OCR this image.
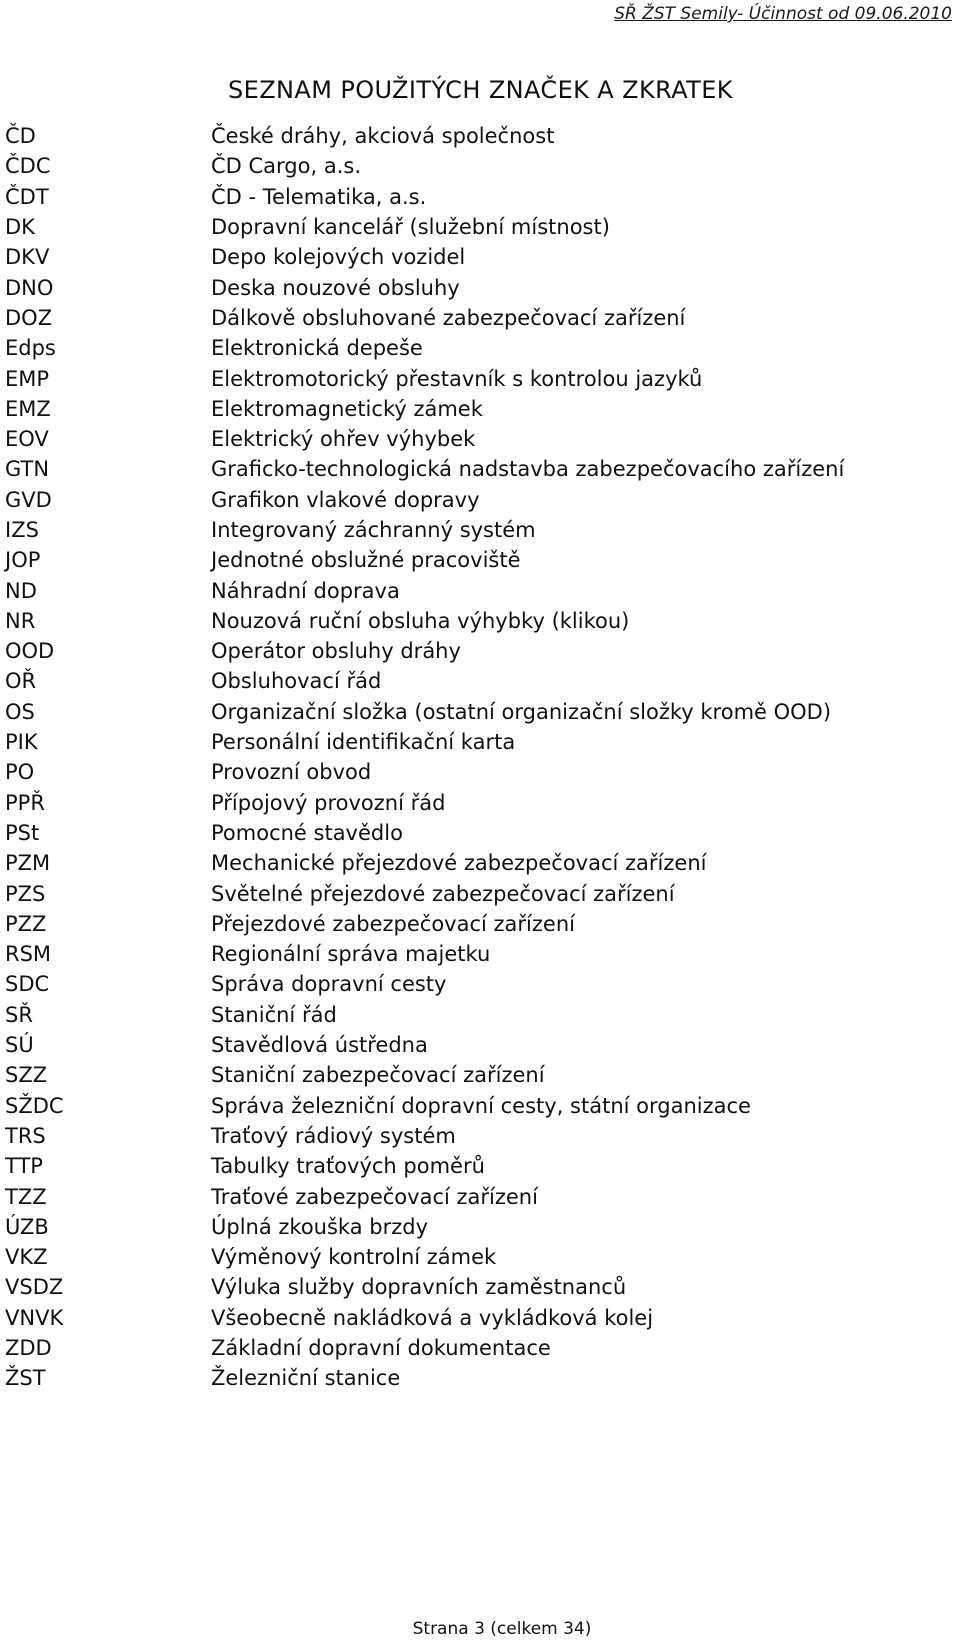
SŘ ŽST Semily- Účinnost od 09.06.2010
SEZNAM POUŽITÝCH ZNAČEK A ZKRATEK
ČD	České dráhy, akciová společnost
ČDC	ČD Cargo, a.s.
ČDT	ČD - Telematika, a.s.
DK	Dopravní kancelář (služební místnost)
DKV	Depo kolejových vozidel
DNO	Deska nouzové obsluhy
DOZ	Dálkově obsluhované zabezpečovací zařízení
Edps	Elektronická depeše
EMP	Elektromotorický přestavník s kontrolou jazyků
EMZ	Elektromagnetický zámek
EOV	Elektrický ohřev výhybek
GTN	Graficko-technologická nadstavba zabezpečovacího zařízení
GVD	Grafikon vlakové dopravy
IZS	Integrovaný záchranný systém
JOP	Jednotné obslužné pracoviště
ND	Náhradní doprava
NR	Nouzová ruční obsluha výhybky (klikou)
OOD	Operátor obsluhy dráhy
OŘ	Obsluhovací řád
OS	Organizační složka (ostatní organizační složky kromě OOD)
PIK	Personální identifikační karta
PO	Provozní obvod
PPŘ	Přípojový provozní řád
PSt	Pomocné stavědlo
PZM	Mechanické přejezdové zabezpečovací zařízení
PZS	Světelné přejezdové zabezpečovací zařízení
PZZ	Přejezdové zabezpečovací zařízení
RSM	Regionální správa majetku
SDC	Správa dopravní cesty
SŘ	Staniční řád
SÚ	Stavědlová ústředna
SZZ	Staniční zabezpečovací zařízení
SŽDC	Správa železniční dopravní cesty, státní organizace
TRS	Traťový rádiový systém
TTP	Tabulky traťových poměrů
TZZ	Traťové zabezpečovací zařízení
ÚZB	Úplná zkouška brzdy
VKZ	Výměnový kontrolní zámek
VSDZ	Výluka služby dopravních zaměstnanců
VNVK	Všeobecně nakládková a vykládková kolej
ZDD	Základní dopravní dokumentace
ŽST	Železniční stanice
Strana 3 (celkem 34)
